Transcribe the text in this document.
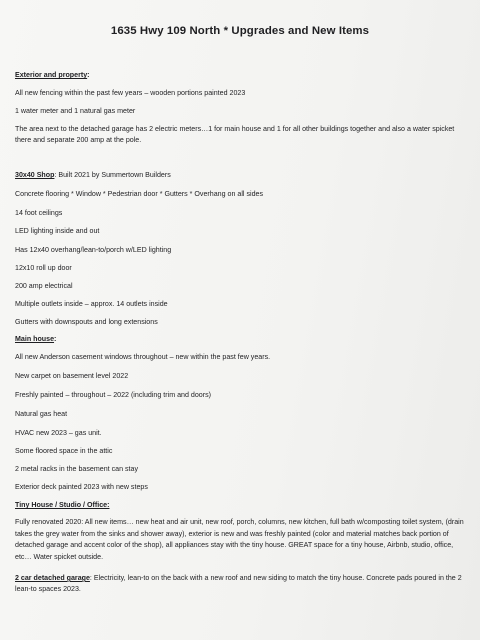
1635 Hwy 109 North * Upgrades and New Items
Exterior and property:
All new fencing within the past few years – wooden portions painted 2023
1 water meter and 1 natural gas meter
The area next to the detached garage has 2 electric meters…1 for main house and 1 for all other buildings together and also a water spicket there and separate 200 amp at the pole.
30x40 Shop: Built 2021 by Summertown Builders
Concrete flooring * Window * Pedestrian door * Gutters * Overhang on all sides
14 foot ceilings
LED lighting inside and out
Has 12x40 overhang/lean-to/porch w/LED lighting
12x10 roll up door
200 amp electrical
Multiple outlets inside – approx. 14 outlets inside
Gutters with downspouts and long extensions
Main house:
All new Anderson casement windows throughout – new within the past few years.
New carpet on basement level 2022
Freshly painted – throughout – 2022 (including trim and doors)
Natural gas heat
HVAC new 2023 – gas unit.
Some floored space in the attic
2 metal racks in the basement can stay
Exterior deck painted 2023 with new steps
Tiny House / Studio / Office:
Fully renovated 2020: All new items… new heat and air unit, new roof, porch, columns, new kitchen, full bath w/composting toilet system, (drain takes the grey water from the sinks and shower away), exterior is new and was freshly painted (color and material matches back portion of detached garage and accent color of the shop), all appliances stay with the tiny house. GREAT space for a tiny house, Airbnb, studio, office, etc… Water spicket outside.
2 car detached garage: Electricity, lean-to on the back with a new roof and new siding to match the tiny house. Concrete pads poured in the 2 lean-to spaces 2023.
